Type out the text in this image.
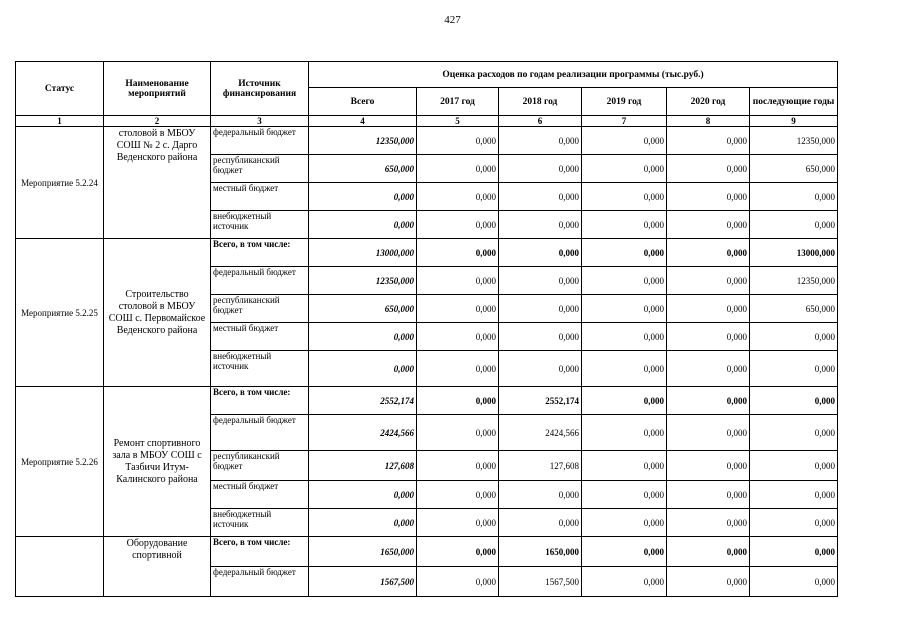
427
Статус	Наименование мероприятий	Источник финансирования	Оценка расходов по годам реализации программы (тыс.руб.)					
			Всего	2017 год	2018 год	2019 год	2020 год	последующие годы
1	2	3	4	5	6	7	8	9
Мероприятие 5.2.24	столовой в МБОУ СОШ № 2 с. Дарго Веденского района	федеральный бюджет	12350,000	0,000	0,000	0,000	0,000	12350,000
		республиканский бюджет	650,000	0,000	0,000	0,000	0,000	650,000
		местный бюджет	0,000	0,000	0,000	0,000	0,000	0,000
		внебюджетный источник	0,000	0,000	0,000	0,000	0,000	0,000
Мероприятие 5.2.25	Строительство столовой в МБОУ СОШ с. Первомайское Веденского района	Всего, в том числе:	13000,000	0,000	0,000	0,000	0,000	13000,000
		федеральный бюджет	12350,000	0,000	0,000	0,000	0,000	12350,000
		республиканский бюджет	650,000	0,000	0,000	0,000	0,000	650,000
		местный бюджет	0,000	0,000	0,000	0,000	0,000	0,000
		внебюджетный источник	0,000	0,000	0,000	0,000	0,000	0,000
Мероприятие 5.2.26	Ремонт спортивного зала в МБОУ СОШ с Тазбичи Итум-Калинского района	Всего, в том числе:	2552,174	0,000	2552,174	0,000	0,000	0,000
		федеральный бюджет	2424,566	0,000	2424,566	0,000	0,000	0,000
		республиканский бюджет	127,608	0,000	127,608	0,000	0,000	0,000
		местный бюджет	0,000	0,000	0,000	0,000	0,000	0,000
		внебюджетный источник	0,000	0,000	0,000	0,000	0,000	0,000
	Оборудование спортивной	Всего, в том числе:	1650,000	0,000	1650,000	0,000	0,000	0,000
		федеральный бюджет	1567,500	0,000	1567,500	0,000	0,000	0,000
